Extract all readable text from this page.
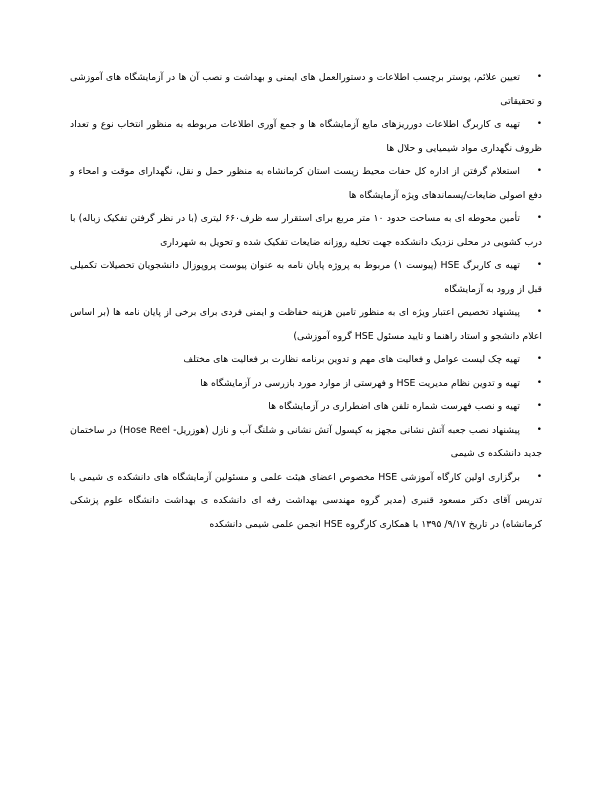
•تعیین علائم، پوستر برچسب اطلاعات و دستورالعمل های ایمنی و بهداشت و نصب آن ها در آزمایشگاه های آموزشی و تحقیقاتی

•تهیه ی کاربرگ اطلاعات دورریزهای مایع آزمایشگاه ها و جمع آوری اطلاعات مربوطه به منظور انتخاب نوع و تعداد ظروف نگهداری مواد شیمیایی و حلال ها

•استعلام گرفتن از اداره کل حفات محیط زیست استان کرمانشاه به منظور حمل و نقل، نگهدارای موقت و امحاء و دفع اصولی ضایعات/پسماندهای ویژه آزمایشگاه ها

•تأمین محوطه ای به مساحت حدود ۱۰ متر مربع برای استقرار سه ظرف۶۶۰ لیتری (با در نظر گرفتن تفکیک زباله) با درب کشویی در محلی نزدیک دانشکده جهت تخلیه روزانه ضایعات تفکیک شده و تحویل به شهرداری

•تهیه ی کاربرگ HSE (پیوست ۱) مربوط به پروژه پایان نامه به عنوان پیوست پروپوزال دانشجویان تحصیلات تکمیلی قبل از ورود به آزمایشگاه

•پیشنهاد تخصیص اعتبار ویژه ای به منظور تامین هزینه حفاظت و ایمنی فردی برای برخی از پایان نامه ها (بر اساس اعلام دانشجو و استاد راهنما و تایید مسئول HSE گروه آموزشی)

•تهیه چک لیست عوامل و فعالیت های مهم و تدوین برنامه نظارت بر فعالیت های مختلف

•تهیه و تدوین نظام مدیریت HSE و فهرستی از موارد مورد بازرسی در آزمایشگاه ها

•تهیه و نصب فهرست شماره تلفن های اضطراری در آزمایشگاه ها

•پیشنهاد نصب جعبه آتش نشانی مجهز به کپسول آتش نشانی و شلنگ آب و نازل (هوزریل- Hose Reel) در ساختمان جدید دانشکده ی شیمی

•برگزاری اولین کارگاه آموزشی HSE مخصوص اعضای هیئت علمی و مسئولین آزمایشگاه های دانشکده ی شیمی با تدریس آقای دکتر مسعود قنبری (مدیر گروه مهندسی بهداشت رفه ای دانشکده ی بهداشت دانشگاه علوم پزشکی کرمانشاه) در تاریخ ۹/۱۷/ ۱۳۹۵ با همکاری کارگروه HSE انجمن علمی شیمی دانشکده
